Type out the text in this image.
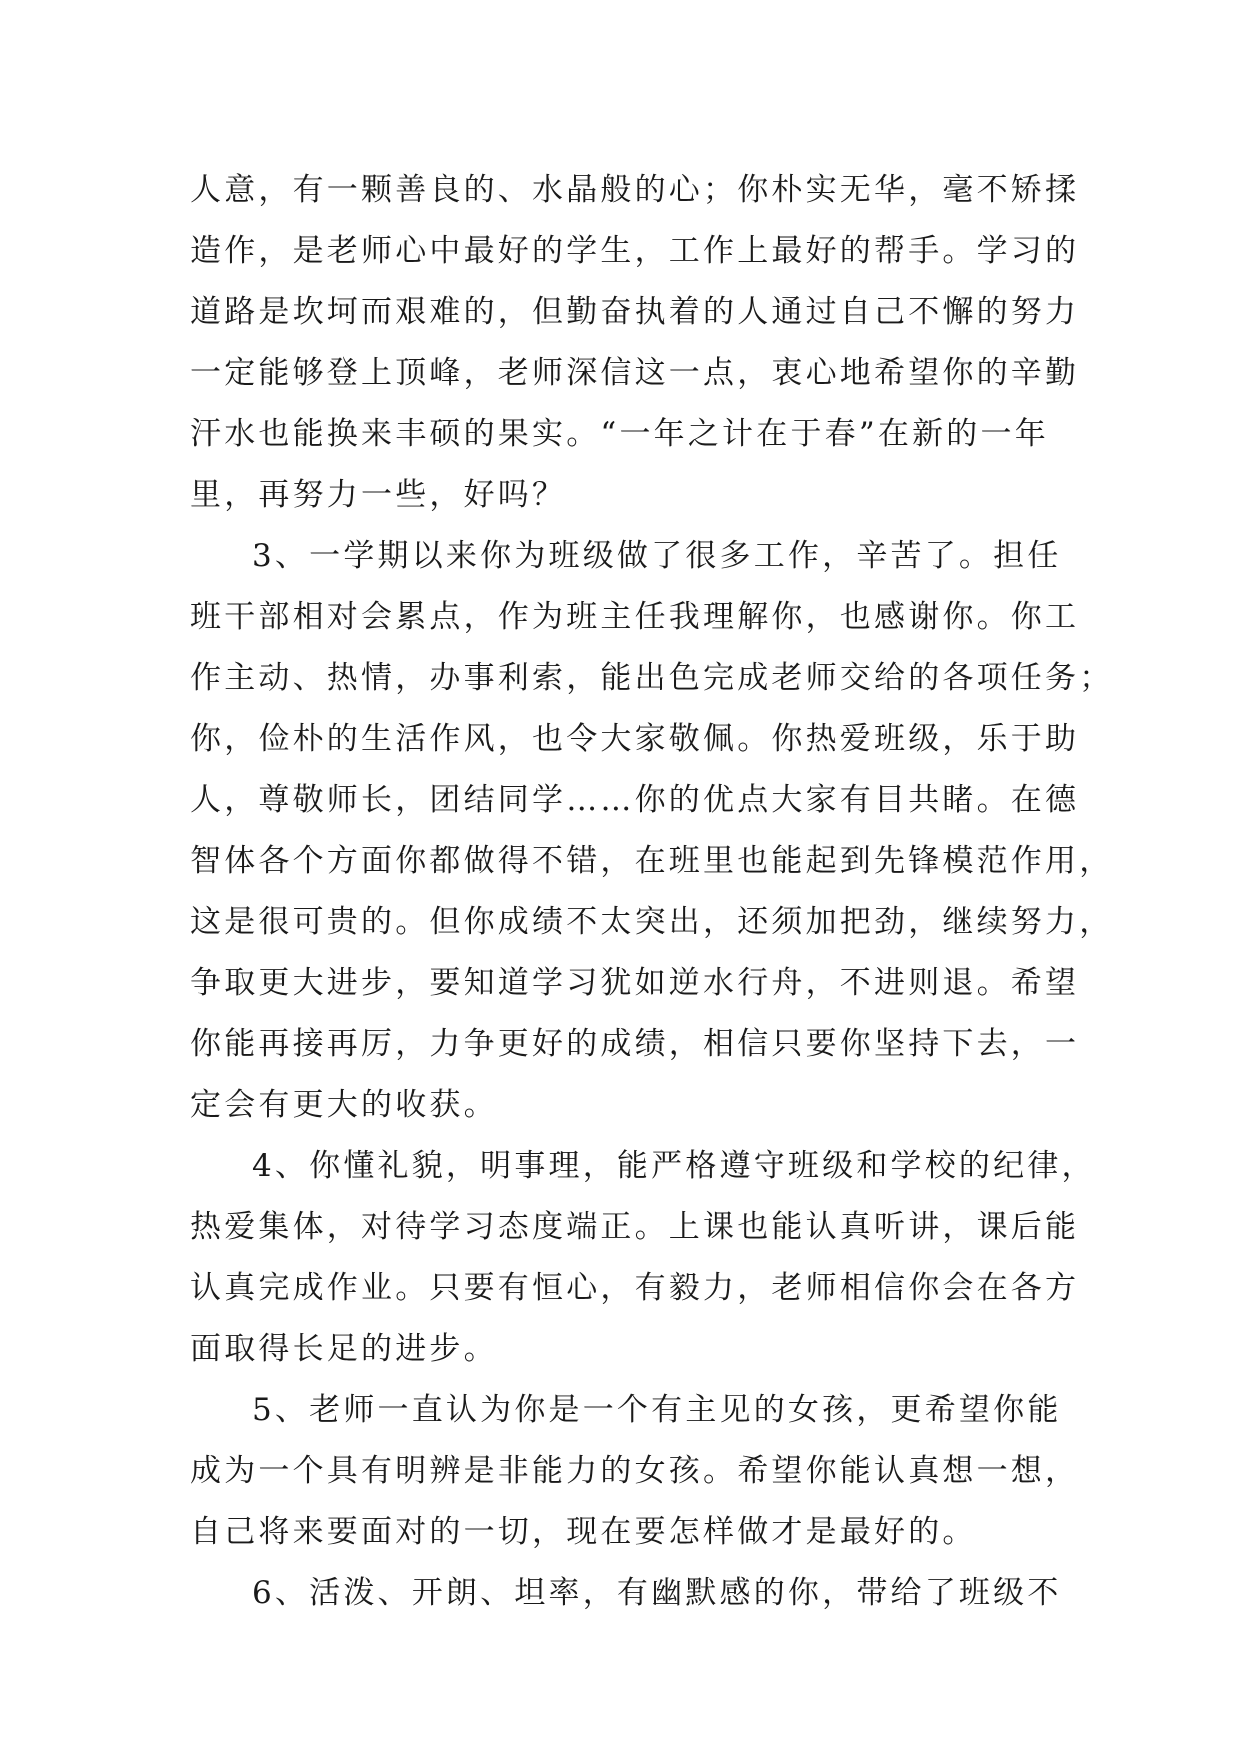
人意，有一颗善良的、水晶般的心；你朴实无华，毫不矫揉
造作，是老师心中最好的学生，工作上最好的帮手。学习的
道路是坎坷而艰难的，但勤奋执着的人通过自己不懈的努力
一定能够登上顶峰，老师深信这一点，衷心地希望你的辛勤
汗水也能换来丰硕的果实。“一年之计在于春”在新的一年
里，再努力一些，好吗？
3、一学期以来你为班级做了很多工作，辛苦了。担任
班干部相对会累点，作为班主任我理解你，也感谢你。你工
作主动、热情，办事利索，能出色完成老师交给的各项任务；
你，俭朴的生活作风，也令大家敬佩。你热爱班级，乐于助
人，尊敬师长，团结同学……你的优点大家有目共睹。在德
智体各个方面你都做得不错，在班里也能起到先锋模范作用，
这是很可贵的。但你成绩不太突出，还须加把劲，继续努力，
争取更大进步，要知道学习犹如逆水行舟，不进则退。希望
你能再接再厉，力争更好的成绩，相信只要你坚持下去，一
定会有更大的收获。
4、你懂礼貌，明事理，能严格遵守班级和学校的纪律，
热爱集体，对待学习态度端正。上课也能认真听讲，课后能
认真完成作业。只要有恒心，有毅力，老师相信你会在各方
面取得长足的进步。
5、老师一直认为你是一个有主见的女孩，更希望你能
成为一个具有明辨是非能力的女孩。希望你能认真想一想，
自己将来要面对的一切，现在要怎样做才是最好的。
6、活泼、开朗、坦率，有幽默感的你，带给了班级不
